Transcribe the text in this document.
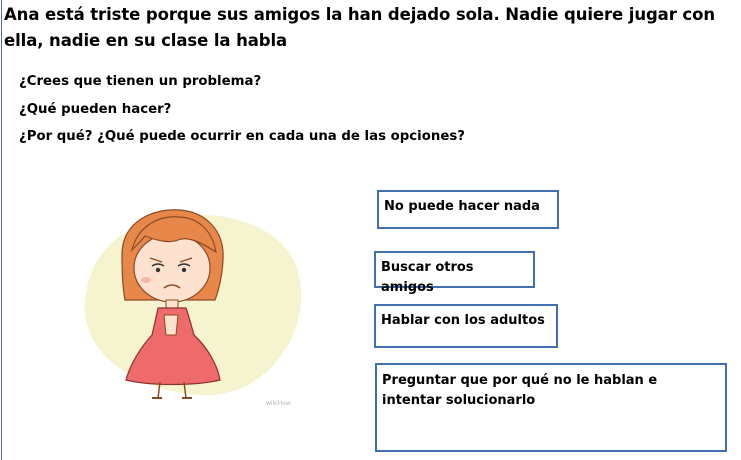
Ana está triste porque sus amigos la han dejado sola. Nadie quiere jugar con ella, nadie en su clase la habla
¿Crees que tienen un problema?
¿Qué pueden hacer?
¿Por qué? ¿Qué puede ocurrir en cada una de las opciones?
wikiHow
No puede hacer nada
Buscar otros amigos
Hablar con los adultos
Preguntar que por qué no le hablan e intentar solucionarlo
